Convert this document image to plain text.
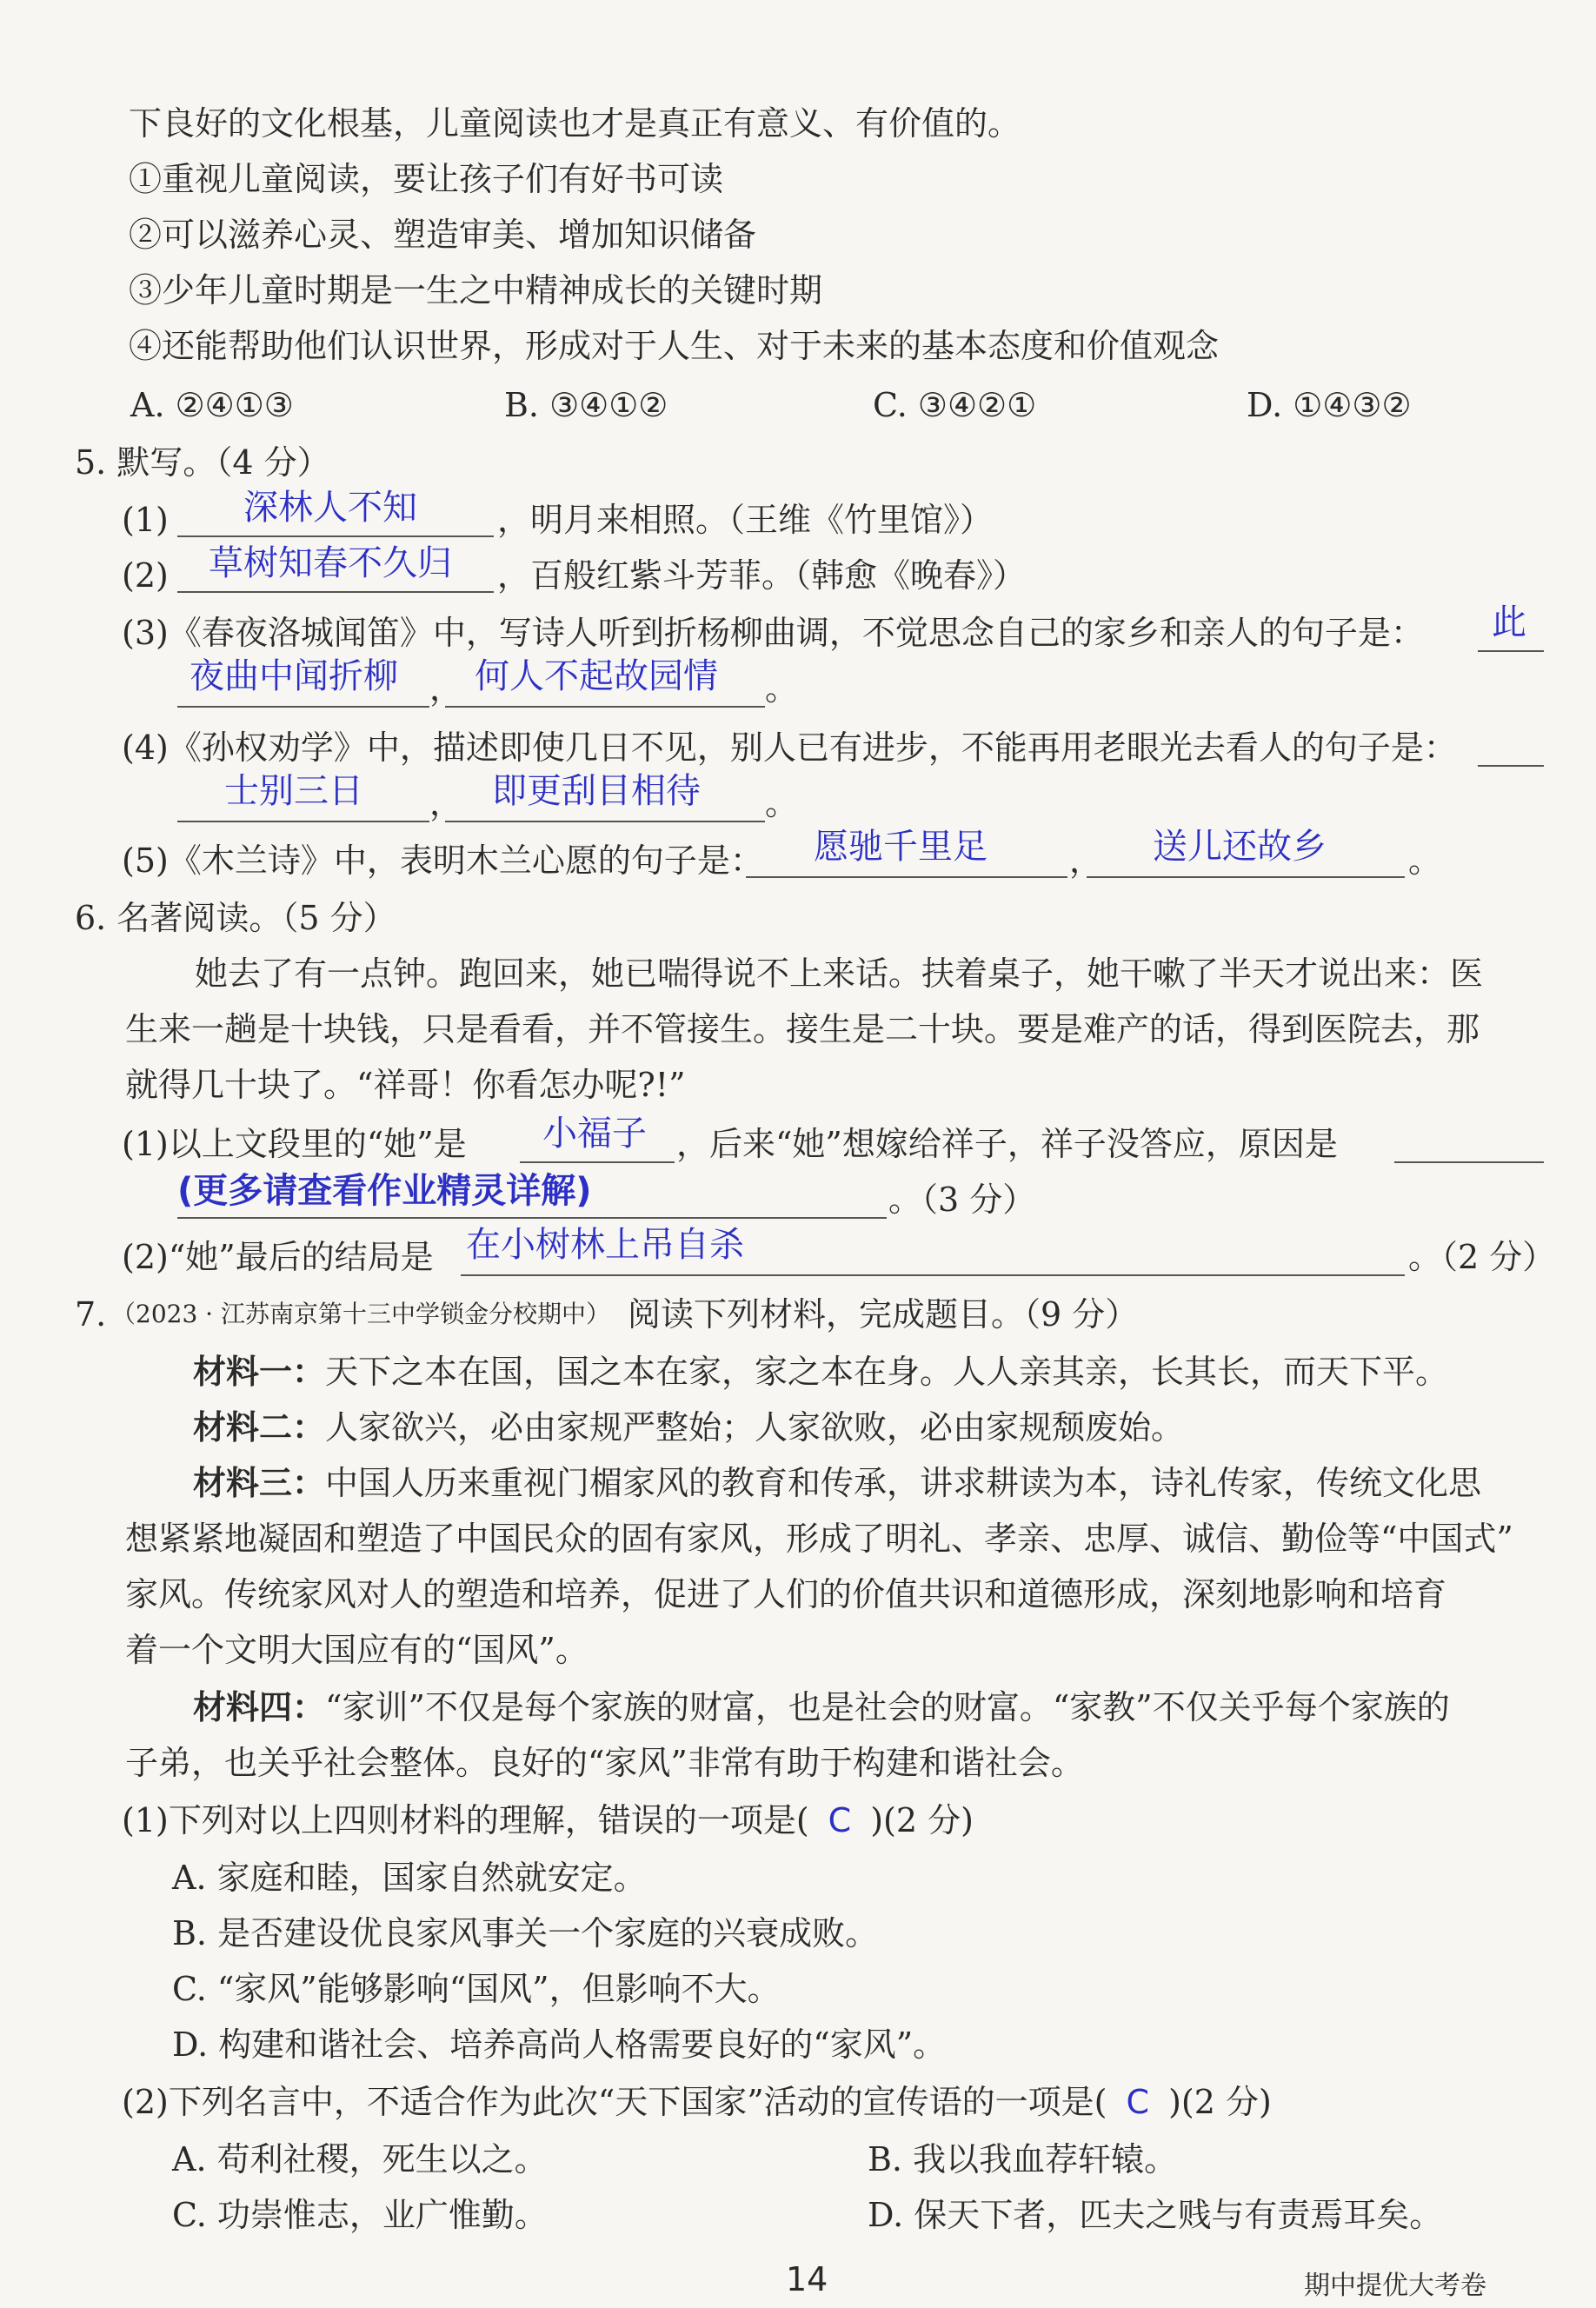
下良好的文化根基，儿童阅读也才是真正有意义、有价值的。
①重视儿童阅读，要让孩子们有好书可读
②可以滋养心灵、塑造审美、增加知识储备
③少年儿童时期是一生之中精神成长的关键时期
④还能帮助他们认识世界，形成对于人生、对于未来的基本态度和价值观念
A. ②④①③	B. ③④①②	C. ③④②①	D. ①④③②
5. 默写。（4 分）
(1) 深林人不知 ，明月来相照。（王维《竹里馆》）
(2) 草树知春不久归 ，百般红紫斗芳菲。（韩愈《晚春》）
(3)《春夜洛城闻笛》中，写诗人听到折杨柳曲调，不觉思念自己的家乡和亲人的句子是： 此
夜曲中闻折柳 ， 何人不起故园情 。
(4)《孙权劝学》中，描述即使几日不见，别人已有进步，不能再用老眼光去看人的句子是：
士别三日 ， 即更刮目相待 。
(5)《木兰诗》中，表明木兰心愿的句子是： 愿驰千里足 ， 送儿还故乡 。
6. 名著阅读。（5 分）
她去了有一点钟。跑回来，她已喘得说不上来话。扶着桌子，她干嗽了半天才说出来：医
生来一趟是十块钱，只是看看，并不管接生。接生是二十块。要是难产的话，得到医院去，那
就得几十块了。“祥哥！你看怎办呢?!”
(1)以上文段里的“她”是 小福子 ，后来“她”想嫁给祥子，祥子没答应，原因是
(更多请查看作业精灵详解)	。（3 分）
(2)“她”最后的结局是 在小树林上吊自杀	。（2 分）
7. （2023 · 江苏南京第十三中学锁金分校期中） 阅读下列材料，完成题目。（9 分）
材料一：天下之本在国，国之本在家，家之本在身。人人亲其亲，长其长，而天下平。
材料二：人家欲兴，必由家规严整始；人家欲败，必由家规颓废始。
材料三：中国人历来重视门楣家风的教育和传承，讲求耕读为本，诗礼传家，传统文化思
想紧紧地凝固和塑造了中国民众的固有家风，形成了明礼、孝亲、忠厚、诚信、勤俭等“中国式”
家风。传统家风对人的塑造和培养，促进了人们的价值共识和道德形成，深刻地影响和培育
着一个文明大国应有的“国风”。
材料四：“家训”不仅是每个家族的财富，也是社会的财富。“家教”不仅关乎每个家族的
子弟，也关乎社会整体。良好的“家风”非常有助于构建和谐社会。
(1)下列对以上四则材料的理解，错误的一项是( C )(2 分)
A. 家庭和睦，国家自然就安定。
B. 是否建设优良家风事关一个家庭的兴衰成败。
C. “家风”能够影响“国风”，但影响不大。
D. 构建和谐社会、培养高尚人格需要良好的“家风”。
(2)下列名言中，不适合作为此次“天下国家”活动的宣传语的一项是( C )(2 分)
A. 苟利社稷，死生以之。	B. 我以我血荐轩辕。
C. 功崇惟志，业广惟勤。	D. 保天下者，匹夫之贱与有责焉耳矣。
14	期中提优大考卷
